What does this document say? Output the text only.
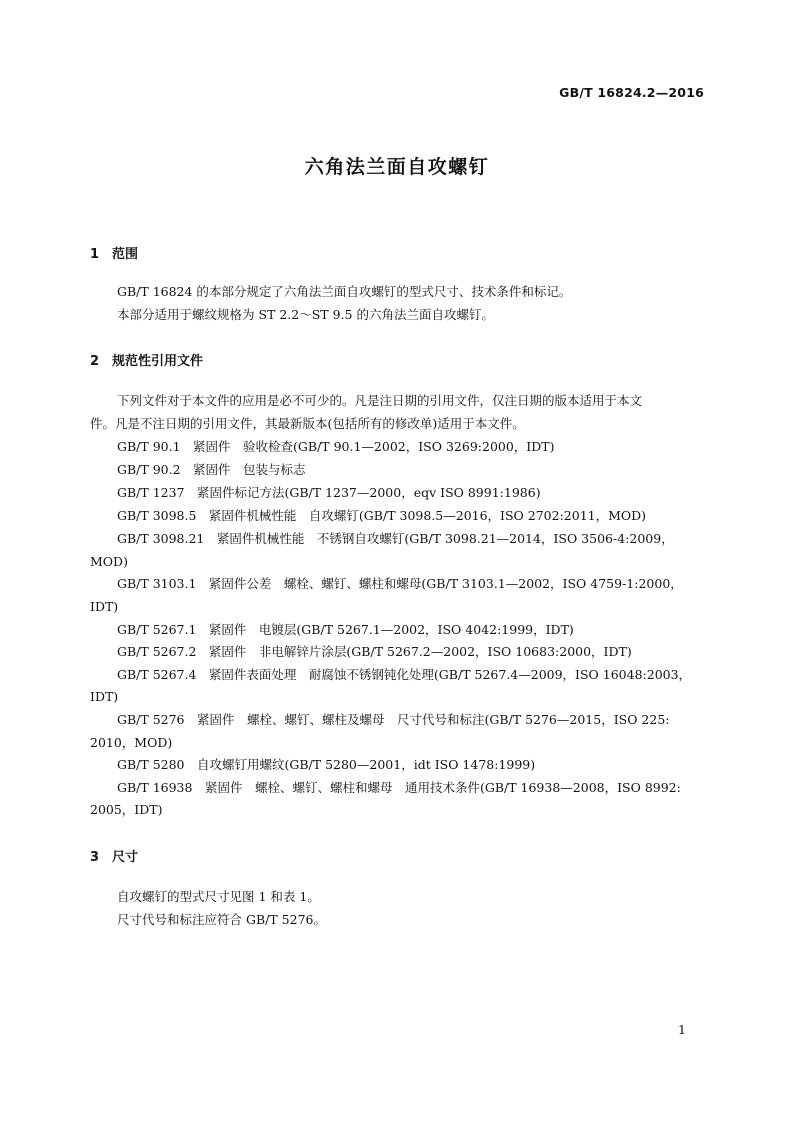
GB/T 16824.2—2016
六角法兰面自攻螺钉
1 范围
GB/T 16824 的本部分规定了六角法兰面自攻螺钉的型式尺寸、技术条件和标记。
本部分适用于螺纹规格为 ST 2.2～ST 9.5 的六角法兰面自攻螺钉。
2 规范性引用文件
下列文件对于本文件的应用是必不可少的。凡是注日期的引用文件，仅注日期的版本适用于本文
件。凡是不注日期的引用文件，其最新版本(包括所有的修改单)适用于本文件。
GB/T 90.1　紧固件　验收检查(GB/T 90.1—2002，ISO 3269:2000，IDT)
GB/T 90.2　紧固件　包装与标志
GB/T 1237　紧固件标记方法(GB/T 1237—2000，eqv ISO 8991:1986)
GB/T 3098.5　紧固件机械性能　自攻螺钉(GB/T 3098.5—2016，ISO 2702:2011，MOD)
GB/T 3098.21　紧固件机械性能　不锈钢自攻螺钉(GB/T 3098.21—2014，ISO 3506-4:2009，
MOD)
GB/T 3103.1　紧固件公差　螺栓、螺钉、螺柱和螺母(GB/T 3103.1—2002，ISO 4759-1:2000，
IDT)
GB/T 5267.1　紧固件　电镀层(GB/T 5267.1—2002，ISO 4042:1999，IDT)
GB/T 5267.2　紧固件　非电解锌片涂层(GB/T 5267.2—2002，ISO 10683:2000，IDT)
GB/T 5267.4　紧固件表面处理　耐腐蚀不锈钢钝化处理(GB/T 5267.4—2009，ISO 16048:2003，
IDT)
GB/T 5276　紧固件　螺栓、螺钉、螺柱及螺母　尺寸代号和标注(GB/T 5276—2015，ISO 225:
2010，MOD)
GB/T 5280　自攻螺钉用螺纹(GB/T 5280—2001，idt ISO 1478:1999)
GB/T 16938　紧固件　螺栓、螺钉、螺柱和螺母　通用技术条件(GB/T 16938—2008，ISO 8992:
2005，IDT)
3 尺寸
自攻螺钉的型式尺寸见图 1 和表 1。
尺寸代号和标注应符合 GB/T 5276。
1
